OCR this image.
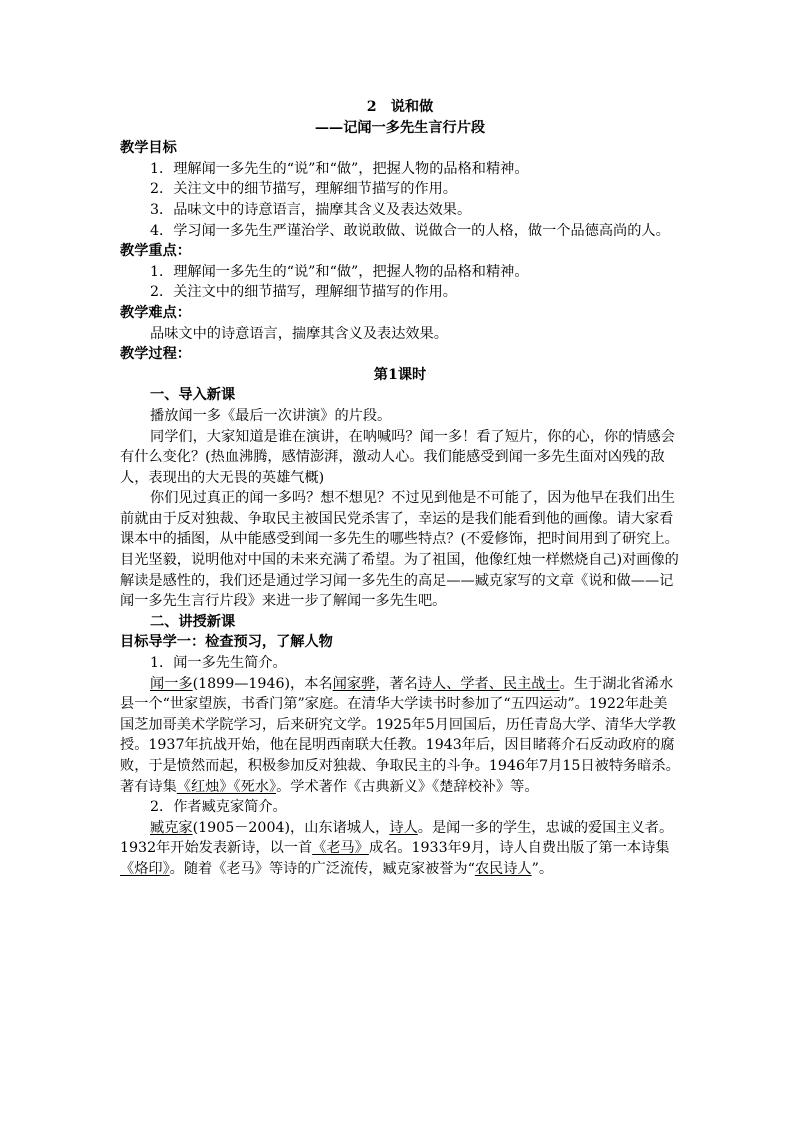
2　说和做

——记闻一多先生言行片段

教学目标

1．理解闻一多先生的“说”和“做”，把握人物的品格和精神。

2．关注文中的细节描写，理解细节描写的作用。

3．品味文中的诗意语言，揣摩其含义及表达效果。

4．学习闻一多先生严谨治学、敢说敢做、说做合一的人格，做一个品德高尚的人。

教学重点：

1．理解闻一多先生的“说”和“做”，把握人物的品格和精神。

2．关注文中的细节描写，理解细节描写的作用。

教学难点：

品味文中的诗意语言，揣摩其含义及表达效果。

教学过程：

第1课时

一、导入新课

播放闻一多《最后一次讲演》的片段。

同学们，大家知道是谁在演讲，在呐喊吗？闻一多！看了短片，你的心，你的情感会有什么变化？(热血沸腾，感情澎湃，激动人心。我们能感受到闻一多先生面对凶残的敌人，表现出的大无畏的英雄气概)

你们见过真正的闻一多吗？想不想见？不过见到他是不可能了，因为他早在我们出生前就由于反对独裁、争取民主被国民党杀害了，幸运的是我们能看到他的画像。请大家看课本中的插图，从中能感受到闻一多先生的哪些特点？(不爱修饰，把时间用到了研究上。目光坚毅，说明他对中国的未来充满了希望。为了祖国，他像红烛一样燃烧自己)对画像的解读是感性的，我们还是通过学习闻一多先生的高足——臧克家写的文章《说和做——记闻一多先生言行片段》来进一步了解闻一多先生吧。

二、讲授新课

目标导学一：检查预习，了解人物

1．闻一多先生简介。

闻一多(1899—1946)，本名闻家骅，著名诗人、学者、民主战士。生于湖北省浠水县一个“世家望族，书香门第”家庭。在清华大学读书时参加了“五四运动”。1922年赴美国芝加哥美术学院学习，后来研究文学。1925年5月回国后，历任青岛大学、清华大学教授。1937年抗战开始，他在昆明西南联大任教。1943年后，因目睹蒋介石反动政府的腐败，于是愤然而起，积极参加反对独裁、争取民主的斗争。1946年7月15日被特务暗杀。著有诗集《红烛》《死水》。学术著作《古典新义》《楚辞校补》等。

2．作者臧克家简介。

臧克家(1905－2004)，山东诸城人，诗人。是闻一多的学生，忠诚的爱国主义者。1932年开始发表新诗，以一首《老马》成名。1933年9月，诗人自费出版了第一本诗集《烙印》。随着《老马》等诗的广泛流传，臧克家被誉为“农民诗人”。
